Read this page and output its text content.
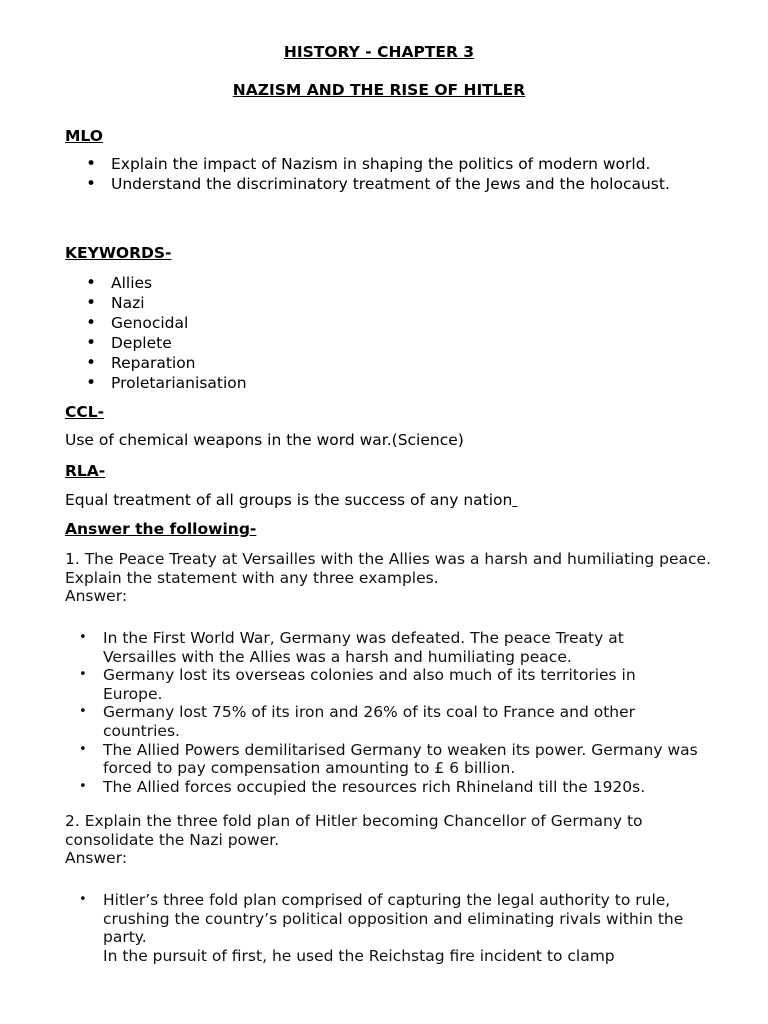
HISTORY - CHAPTER 3
NAZISM AND THE RISE OF HITLER
MLO
• Explain the impact of Nazism in shaping the politics of modern world.
• Understand the discriminatory treatment of the Jews and the holocaust.
KEYWORDS-
• Allies
• Nazi
• Genocidal
• Deplete
• Reparation
• Proletarianisation
CCL-
Use of chemical weapons in the word war.(Science)
RLA-
Equal treatment of all groups is the success of any nation
Answer the following-
1. The Peace Treaty at Versailles with the Allies was a harsh and humiliating peace. Explain the statement with any three examples.
Answer:
• In the First World War, Germany was defeated. The peace Treaty at Versailles with the Allies was a harsh and humiliating peace.
• Germany lost its overseas colonies and also much of its territories in Europe.
• Germany lost 75% of its iron and 26% of its coal to France and other countries.
• The Allied Powers demilitarised Germany to weaken its power. Germany was forced to pay compensation amounting to £ 6 billion.
• The Allied forces occupied the resources rich Rhineland till the 1920s.
2. Explain the three fold plan of Hitler becoming Chancellor of Germany to consolidate the Nazi power.
Answer:
• Hitler’s three fold plan comprised of capturing the legal authority to rule, crushing the country’s political opposition and eliminating rivals within the party.
In the pursuit of first, he used the Reichstag fire incident to clamp
